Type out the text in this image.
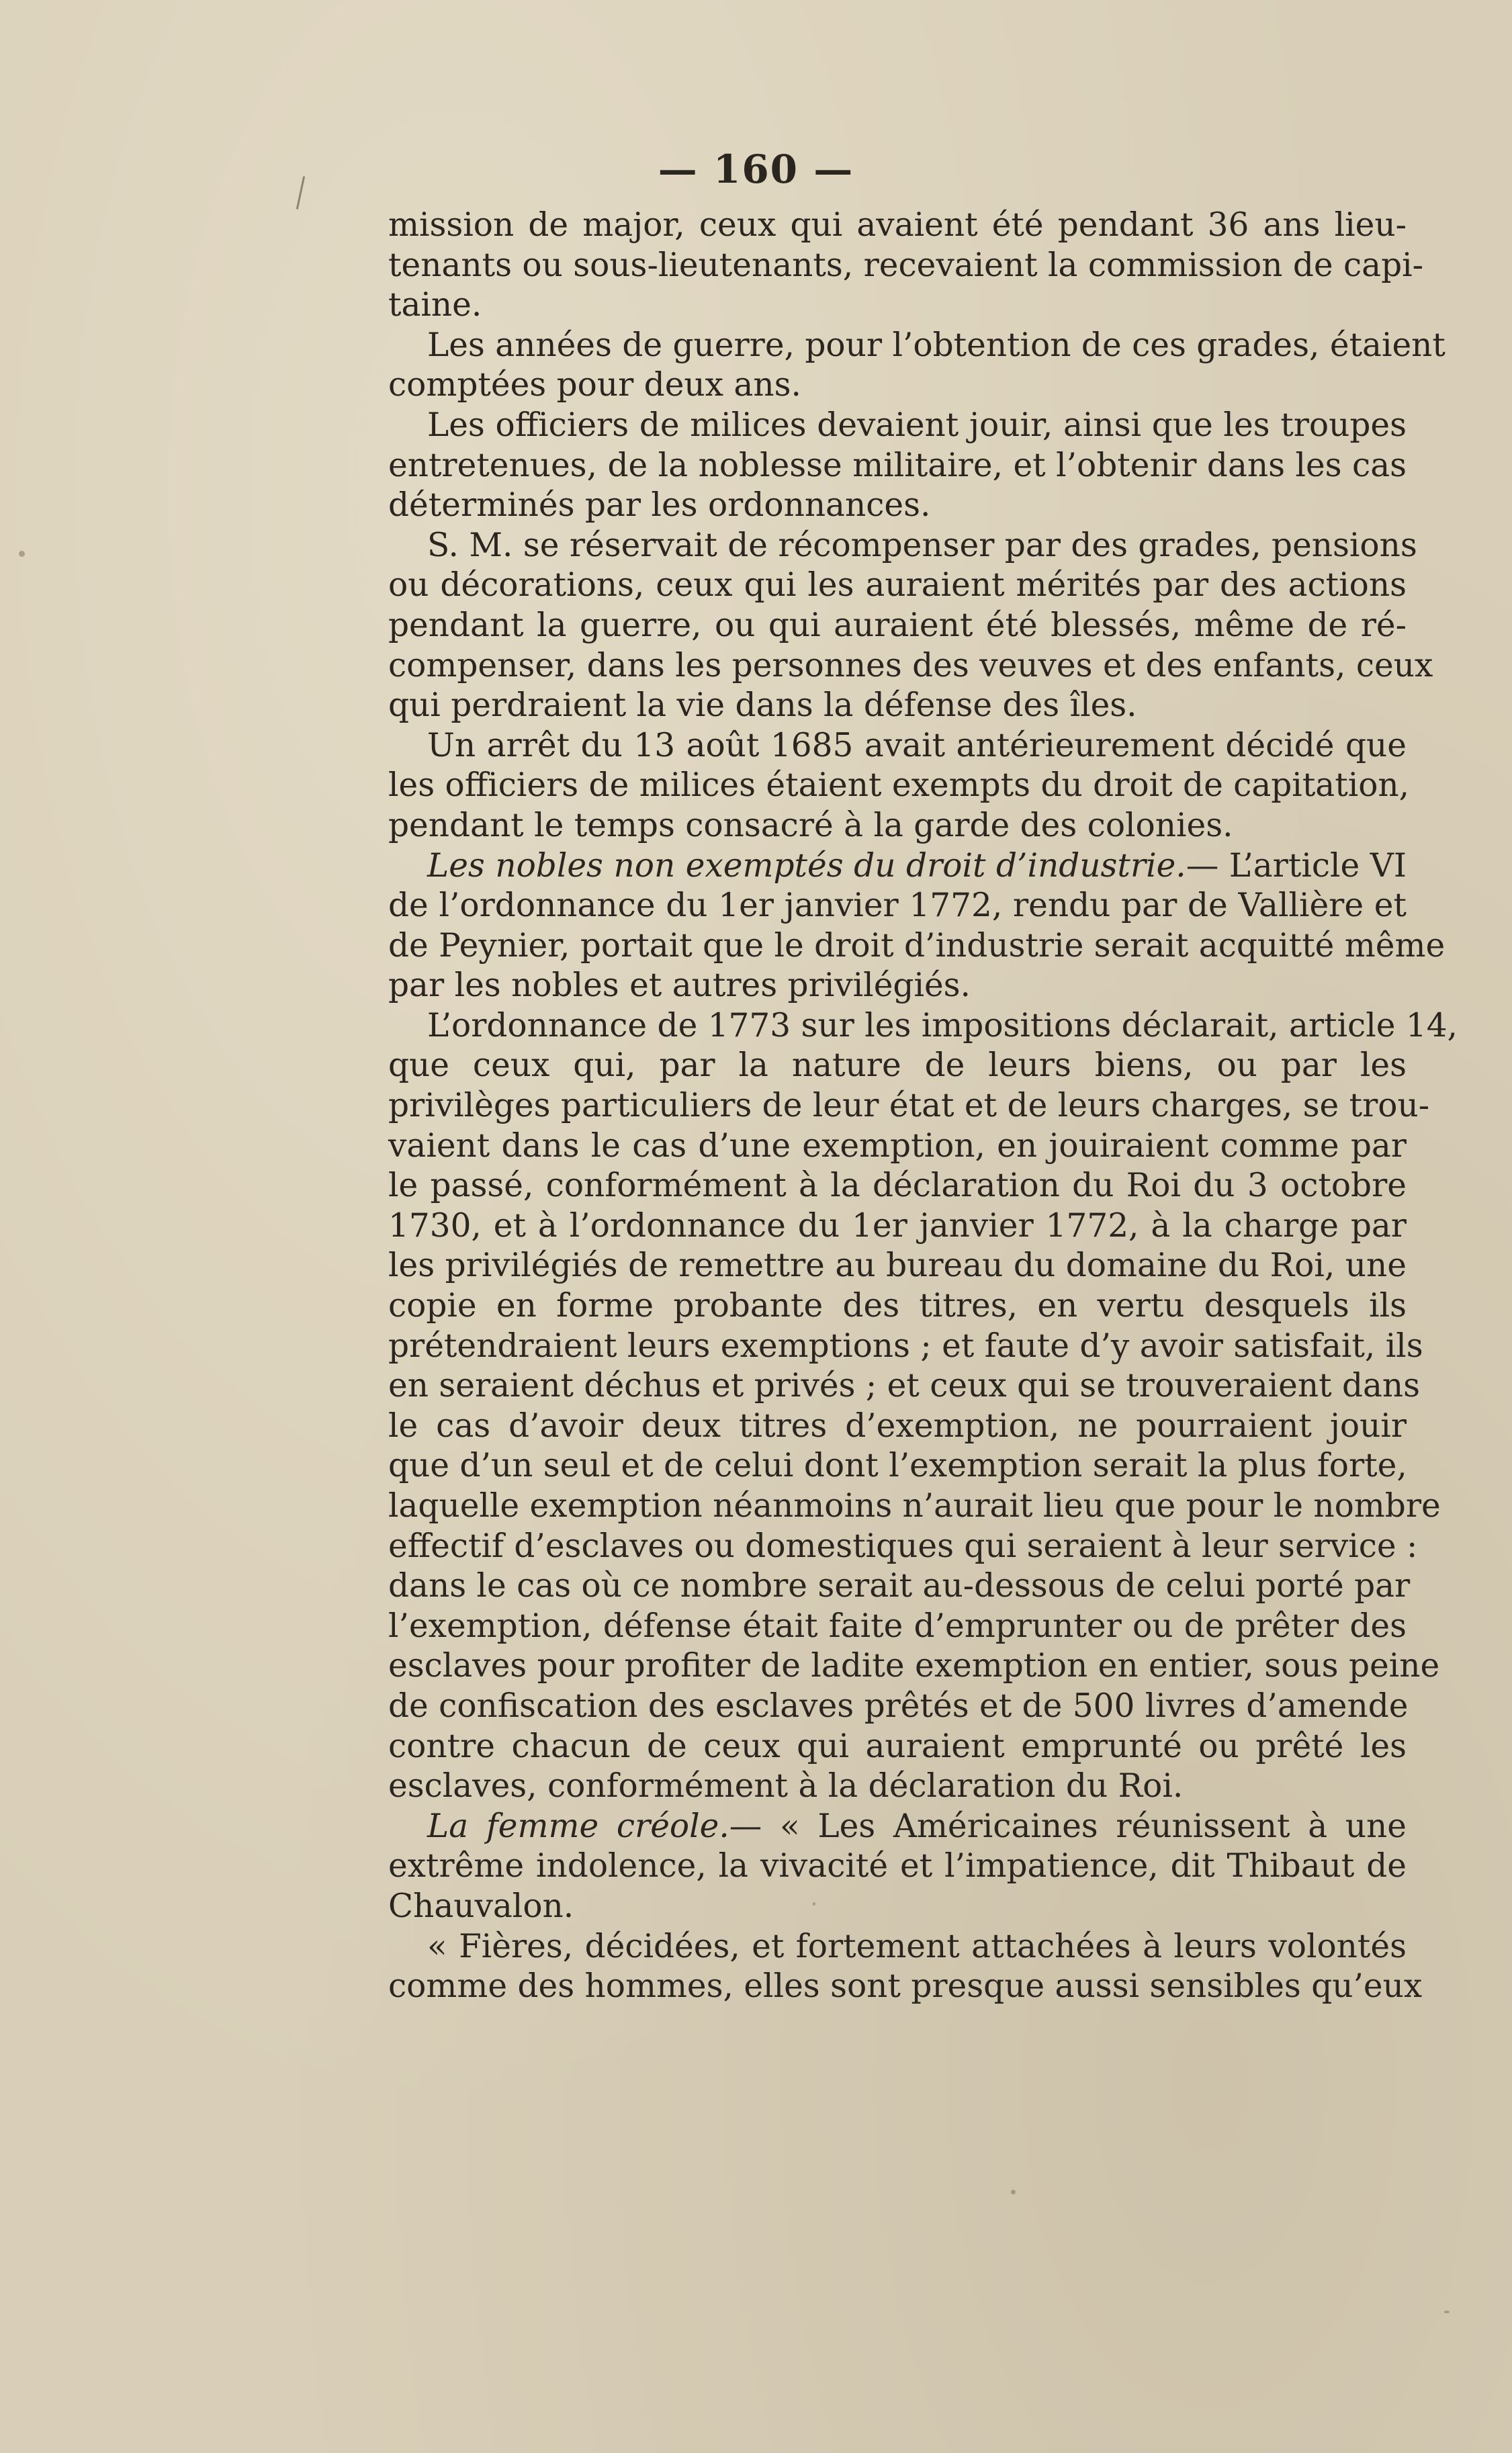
— 160 —
mission de major, ceux qui avaient été pendant 36 ans lieu-
tenants ou sous-lieutenants, recevaient la commission de capi-
taine.
Les années de guerre, pour l’obtention de ces grades, étaient
comptées pour deux ans.
Les officiers de milices devaient jouir, ainsi que les troupes
entretenues, de la noblesse militaire, et l’obtenir dans les cas
déterminés par les ordonnances.
S. M. se réservait de récompenser par des grades, pensions
ou décorations, ceux qui les auraient mérités par des actions
pendant la guerre, ou qui auraient été blessés, même de ré-
compenser, dans les personnes des veuves et des enfants, ceux
qui perdraient la vie dans la défense des îles.
Un arrêt du 13 août 1685 avait antérieurement décidé que
les officiers de milices étaient exempts du droit de capitation,
pendant le temps consacré à la garde des colonies.
Les nobles non exemptés du droit d’industrie.— L’article VI
de l’ordonnance du 1er janvier 1772, rendu par de Vallière et
de Peynier, portait que le droit d’industrie serait acquitté même
par les nobles et autres privilégiés.
L’ordonnance de 1773 sur les impositions déclarait, article 14,
que ceux qui, par la nature de leurs biens, ou par les
privilèges particuliers de leur état et de leurs charges, se trou-
vaient dans le cas d’une exemption, en jouiraient comme par
le passé, conformément à la déclaration du Roi du 3 octobre
1730, et à l’ordonnance du 1er janvier 1772, à la charge par
les privilégiés de remettre au bureau du domaine du Roi, une
copie en forme probante des titres, en vertu desquels ils
prétendraient leurs exemptions ; et faute d’y avoir satisfait, ils
en seraient déchus et privés ; et ceux qui se trouveraient dans
le cas d’avoir deux titres d’exemption, ne pourraient jouir
que d’un seul et de celui dont l’exemption serait la plus forte,
laquelle exemption néanmoins n’aurait lieu que pour le nombre
effectif d’esclaves ou domestiques qui seraient à leur service :
dans le cas où ce nombre serait au-dessous de celui porté par
l’exemption, défense était faite d’emprunter ou de prêter des
esclaves pour profiter de ladite exemption en entier, sous peine
de confiscation des esclaves prêtés et de 500 livres d’amende
contre chacun de ceux qui auraient emprunté ou prêté les
esclaves, conformément à la déclaration du Roi.
La femme créole.— « Les Américaines réunissent à une
extrême indolence, la vivacité et l’impatience, dit Thibaut de
Chauvalon.
« Fières, décidées, et fortement attachées à leurs volontés
comme des hommes, elles sont presque aussi sensibles qu’eux
